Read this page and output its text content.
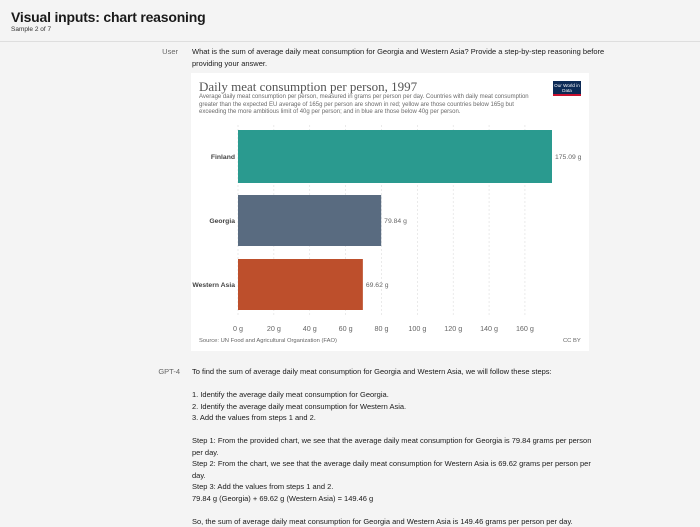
Visual inputs: chart reasoning
Sample 2 of 7
User What is the sum of average daily meat consumption for Georgia and Western Asia? Provide a step-by-step reasoning before providing your answer.
Daily meat consumption per person, 1997
Average daily meat consumption per person, measured in grams per person per day. Countries with daily meat consumption greater than the expected EU average of 165g per person are shown in red; yellow are those countries below 165g but exceeding the more ambitious limit of 40g per person; and in blue are those below 40g per person.
Our World in Data
0 g	20 g	40 g	60 g	80 g	100 g 120 g 140 g 160 g
Finland	175.09 g
Georgia	79.84 g
Western Asia	69.62 g
Source: UN Food and Agricultural Organization (FAO)	CC BY
GPT-4 To find the sum of average daily meat consumption for Georgia and Western Asia, we will follow these steps:

1. Identify the average daily meat consumption for Georgia.

2. Identify the average daily meat consumption for Western Asia.

3. Add the values from steps 1 and 2.

Step 1: From the provided chart, we see that the average daily meat consumption for Georgia is 79.84 grams per person per day.

Step 2: From the chart, we see that the average daily meat consumption for Western Asia is 69.62 grams per person per day.

Step 3: Add the values from steps 1 and 2.

79.84 g (Georgia) + 69.62 g (Western Asia) = 149.46 g

So, the sum of average daily meat consumption for Georgia and Western Asia is 149.46 grams per person per day.
